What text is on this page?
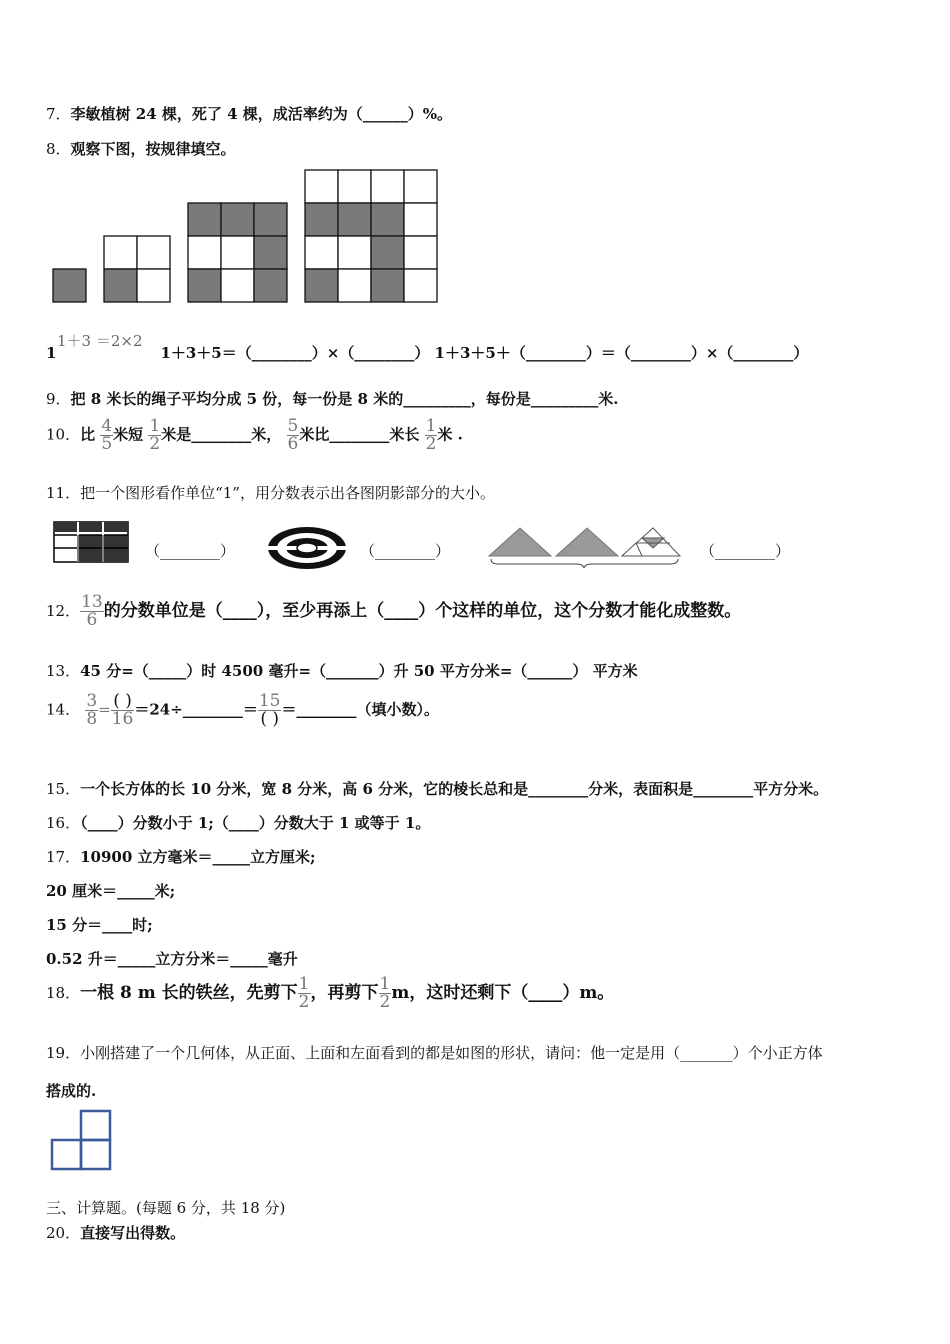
7．李敏植树 24 棵，死了 4 棵，成活率约为（______）%。
8．观察下图，按规律填空。
1＋3 ＝2×2
1	1＋3＋5＝（________）×（________） 1＋3＋5＋（________）＝（________）×（________）
9．把 8 米长的绳子平均分成 5 份，每一份是 8 米的_________，每份是_________米.
10．比 $\frac{4}{5}$ 米短 $\frac{1}{2}$ 米是________米， $\frac{5}{6}$ 米比________米长 $\frac{1}{2}$ 米 .
11．把一个图形看作单位“1”，用分数表示出各图阴影部分的大小。
（________）	（________）	（________）
12． $\frac{13}{6}$ 的分数单位是（____），至少再添上（____）个这样的单位，这个分数才能化成整数。
13．45 分=（_____）时 4500 毫升=（_______）升 50 平方分米=（______） 平方米
14． $\frac{3}{8}$ = ( )
16 ＝24÷________＝ 15
( ) ＝________（填小数）。
15．一个长方体的长 10 分米，宽 8 分米，高 6 分米，它的棱长总和是________分米，表面积是________平方分米。
16．（____）分数小于 1;（____）分数大于 1 或等于 1。
17．10900 立方毫米＝_____立方厘米;
20 厘米＝_____米;
15 分＝____时;
0.52 升＝_____立方分米＝_____毫升
18．一根 8 m 长的铁丝，先剪下 $\frac{1}{2}$ ，再剪下 $\frac{1}{2}$ m，这时还剩下（____）m。
19．小刚搭建了一个几何体，从正面、上面和左面看到的都是如图的形状，请问：他一定是用（_______）个小正方体
搭成的.
三、计算题。(每题 6 分，共 18 分)
20．直接写出得数。
